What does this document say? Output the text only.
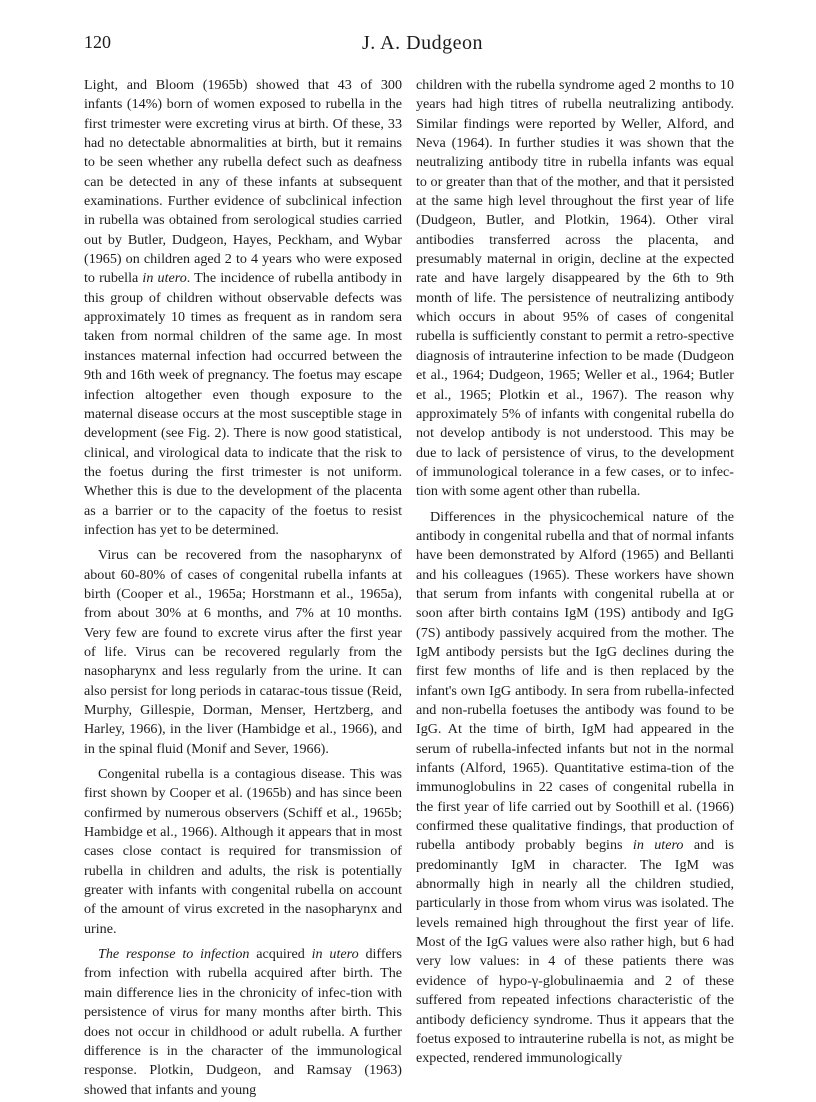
120	J. A. Dudgeon

Light, and Bloom (1965b) showed that 43 of 300 infants (14%) born of women exposed to rubella in the first trimester were excreting virus at birth. Of these, 33 had no detectable abnormalities at birth, but it remains to be seen whether any rubella defect such as deafness can be detected in any of these infants at subsequent examinations. Further evidence of subclinical infection in rubella was obtained from serological studies carried out by Butler, Dudgeon, Hayes, Peckham, and Wybar (1965) on children aged 2 to 4 years who were exposed to rubella in utero. The incidence of rubella antibody in this group of children without observable defects was approximately 10 times as frequent as in random sera taken from normal children of the same age. In most instances maternal infection had occurred between the 9th and 16th week of pregnancy. The foetus may escape infection altogether even though exposure to the maternal disease occurs at the most susceptible stage in development (see Fig. 2). There is now good statistical, clinical, and virological data to indicate that the risk to the foetus during the first trimester is not uniform. Whether this is due to the development of the placenta as a barrier or to the capacity of the foetus to resist infection has yet to be determined.

Virus can be recovered from the nasopharynx of about 60-80% of cases of congenital rubella infants at birth (Cooper et al., 1965a; Horstmann et al., 1965a), from about 30% at 6 months, and 7% at 10 months. Very few are found to excrete virus after the first year of life. Virus can be recovered regularly from the nasopharynx and less regularly from the urine. It can also persist for long periods in catarac-tous tissue (Reid, Murphy, Gillespie, Dorman, Menser, Hertzberg, and Harley, 1966), in the liver (Hambidge et al., 1966), and in the spinal fluid (Monif and Sever, 1966).

Congenital rubella is a contagious disease. This was first shown by Cooper et al. (1965b) and has since been confirmed by numerous observers (Schiff et al., 1965b; Hambidge et al., 1966). Although it appears that in most cases close contact is required for transmission of rubella in children and adults, the risk is potentially greater with infants with congenital rubella on account of the amount of virus excreted in the nasopharynx and urine.

The response to infection acquired in utero differs from infection with rubella acquired after birth. The main difference lies in the chronicity of infec-tion with persistence of virus for many months after birth. This does not occur in childhood or adult rubella. A further difference is in the character of the immunological response. Plotkin, Dudgeon, and Ramsay (1963) showed that infants and young

children with the rubella syndrome aged 2 months to 10 years had high titres of rubella neutralizing antibody. Similar findings were reported by Weller, Alford, and Neva (1964). In further studies it was shown that the neutralizing antibody titre in rubella infants was equal to or greater than that of the mother, and that it persisted at the same high level throughout the first year of life (Dudgeon, Butler, and Plotkin, 1964). Other viral antibodies transferred across the placenta, and presumably maternal in origin, decline at the expected rate and have largely disappeared by the 6th to 9th month of life. The persistence of neutralizing antibody which occurs in about 95% of cases of congenital rubella is sufficiently constant to permit a retro-spective diagnosis of intrauterine infection to be made (Dudgeon et al., 1964; Dudgeon, 1965; Weller et al., 1964; Butler et al., 1965; Plotkin et al., 1967). The reason why approximately 5% of infants with congenital rubella do not develop antibody is not understood. This may be due to lack of persistence of virus, to the development of immunological tolerance in a few cases, or to infec-tion with some agent other than rubella.

Differences in the physicochemical nature of the antibody in congenital rubella and that of normal infants have been demonstrated by Alford (1965) and Bellanti and his colleagues (1965). These workers have shown that serum from infants with congenital rubella at or soon after birth contains IgM (19S) antibody and IgG (7S) antibody passively acquired from the mother. The IgM antibody persists but the IgG declines during the first few months of life and is then replaced by the infant's own IgG antibody. In sera from rubella-infected and non-rubella foetuses the antibody was found to be IgG. At the time of birth, IgM had appeared in the serum of rubella-infected infants but not in the normal infants (Alford, 1965). Quantitative estima-tion of the immunoglobulins in 22 cases of congenital rubella in the first year of life carried out by Soothill et al. (1966) confirmed these qualitative findings, that production of rubella antibody probably begins in utero and is predominantly IgM in character. The IgM was abnormally high in nearly all the children studied, particularly in those from whom virus was isolated. The levels remained high throughout the first year of life. Most of the IgG values were also rather high, but 6 had very low values: in 4 of these patients there was evidence of hypo-γ-globulinaemia and 2 of these suffered from repeated infections characteristic of the antibody deficiency syndrome. Thus it appears that the foetus exposed to intrauterine rubella is not, as might be expected, rendered immunologically
